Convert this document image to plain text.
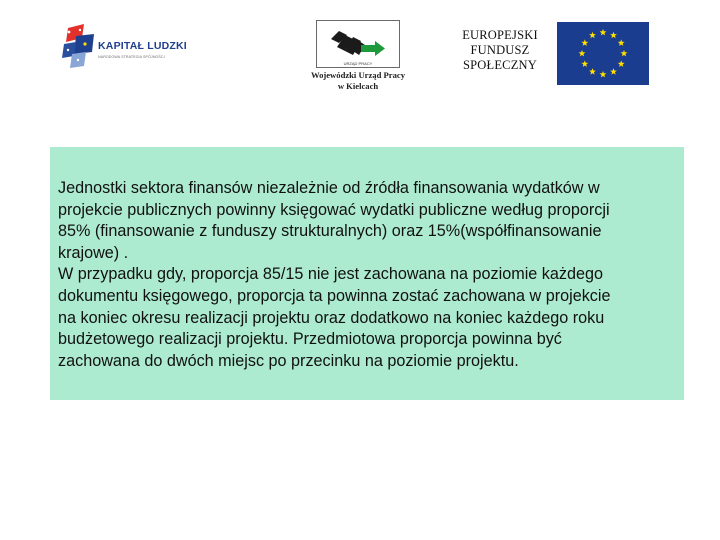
KAPITAŁ LUDZKI
NARODOWA STRATEGIA SPÓJNOŚCI
URZĄD PRACY
Wojewódzki Urząd Pracy
w Kielcach
EUROPEJSKI
FUNDUSZ
SPOŁECZNY

Jednostki sektora finansów niezależnie od źródła finansowania wydatków w
projekcie publicznych powinny księgować wydatki publiczne według proporcji
85% (finansowanie z funduszy strukturalnych) oraz 15%(współfinansowanie
krajowe) .

W przypadku gdy, proporcja 85/15 nie jest zachowana na poziomie każdego
dokumentu księgowego, proporcja ta powinna zostać zachowana w projekcie
na koniec okresu realizacji projektu oraz dodatkowo na koniec każdego roku
budżetowego realizacji projektu. Przedmiotowa proporcja powinna być
zachowana do dwóch miejsc po przecinku na poziomie projektu.
